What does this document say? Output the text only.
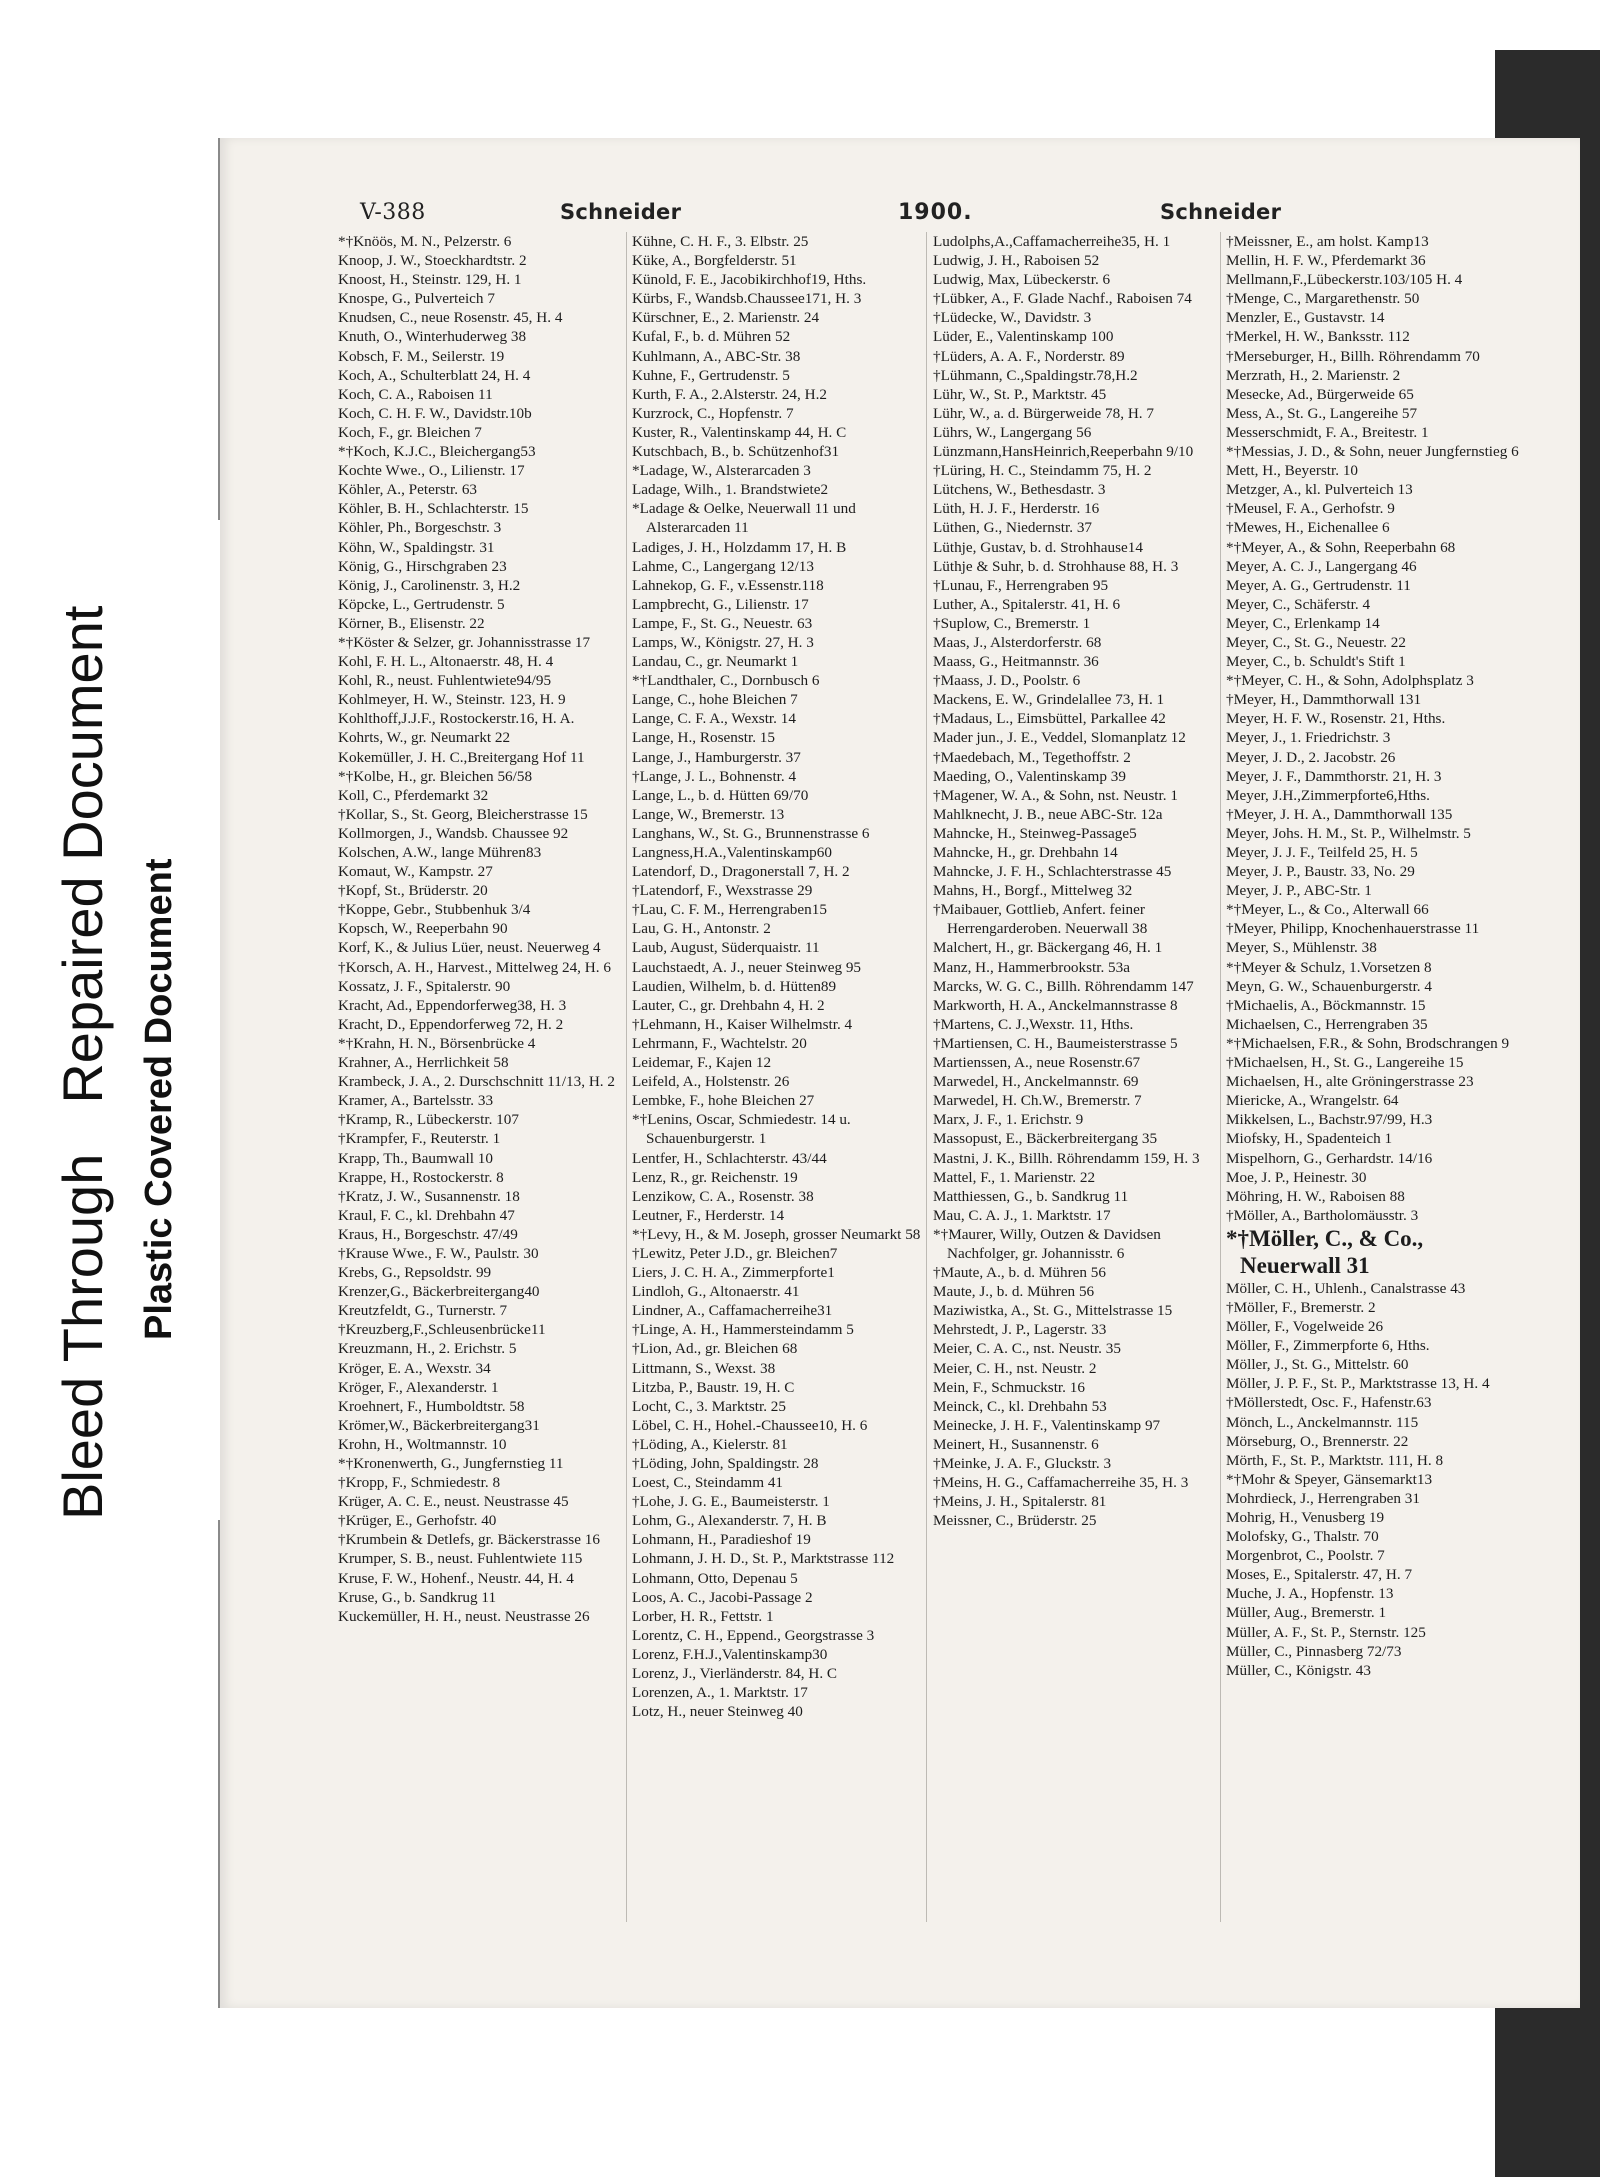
V-388	Schneider	1900.	Schneider

*†Knöös, M. N., Pelzerstr. 6

Knoop, J. W., Stoeckhardtstr. 2

Knoost, H., Steinstr. 129, H. 1

Knospe, G., Pulverteich 7

Knudsen, C., neue Rosenstr. 45, H. 4

Knuth, O., Winterhuderweg 38

Kobsch, F. M., Seilerstr. 19

Koch, A., Schulterblatt 24, H. 4

Koch, C. A., Raboisen 11

Koch, C. H. F. W., Davidstr.10b

Koch, F., gr. Bleichen 7

*†Koch, K.J.C., Bleichergang53

Kochte Wwe., O., Lilienstr. 17

Köhler, A., Peterstr. 63

Köhler, B. H., Schlachterstr. 15

Köhler, Ph., Borgeschstr. 3

Köhn, W., Spaldingstr. 31

König, G., Hirschgraben 23

König, J., Carolinenstr. 3, H.2

Köpcke, L., Gertrudenstr. 5

Körner, B., Elisenstr. 22

*†Köster & Selzer, gr. Johannisstrasse 17

Kohl, F. H. L., Altonaerstr. 48, H. 4

Kohl, R., neust. Fuhlentwiete94/95

Kohlmeyer, H. W., Steinstr. 123, H. 9

Kohlthoff,J.J.F., Rostockerstr.16, H. A.

Kohrts, W., gr. Neumarkt 22

Kokemüller, J. H. C.,Breitergang Hof 11

*†Kolbe, H., gr. Bleichen 56/58

Koll, C., Pferdemarkt 32

†Kollar, S., St. Georg, Bleicherstrasse 15

Kollmorgen, J., Wandsb. Chaussee 92

Kolschen, A.W., lange Mühren83

Komaut, W., Kampstr. 27

†Kopf, St., Brüderstr. 20

†Koppe, Gebr., Stubbenhuk 3/4

Kopsch, W., Reeperbahn 90

Korf, K., & Julius Lüer, neust. Neuerweg 4

†Korsch, A. H., Harvest., Mittelweg 24, H. 6

Kossatz, J. F., Spitalerstr. 90

Kracht, Ad., Eppendorferweg38, H. 3

Kracht, D., Eppendorferweg 72, H. 2

*†Krahn, H. N., Börsenbrücke 4

Krahner, A., Herrlichkeit 58

Krambeck, J. A., 2. Durschschnitt 11/13, H. 2

Kramer, A., Bartelsstr. 33

†Kramp, R., Lübeckerstr. 107

†Krampfer, F., Reuterstr. 1

Krapp, Th., Baumwall 10

Krappe, H., Rostockerstr. 8

†Kratz, J. W., Susannenstr. 18

Kraul, F. C., kl. Drehbahn 47

Kraus, H., Borgeschstr. 47/49

†Krause Wwe., F. W., Paulstr. 30

Krebs, G., Repsoldstr. 99

Krenzer,G., Bäckerbreitergang40

Kreutzfeldt, G., Turnerstr. 7

†Kreuzberg,F.,Schleusenbrücke11

Kreuzmann, H., 2. Erichstr. 5

Kröger, E. A., Wexstr. 34

Kröger, F., Alexanderstr. 1

Kroehnert, F., Humboldtstr. 58

Krömer,W., Bäckerbreitergang31

Krohn, H., Woltmannstr. 10

*†Kronenwerth, G., Jungfernstieg 11

†Kropp, F., Schmiedestr. 8

Krüger, A. C. E., neust. Neustrasse 45

†Krüger, E., Gerhofstr. 40

†Krumbein & Detlefs, gr. Bäckerstrasse 16

Krumper, S. B., neust. Fuhlentwiete 115

Kruse, F. W., Hohenf., Neustr. 44, H. 4

Kruse, G., b. Sandkrug 11

Kuckemüller, H. H., neust. Neustrasse 26

Kühne, C. H. F., 3. Elbstr. 25

Küke, A., Borgfelderstr. 51

Künold, F. E., Jacobikirchhof19, Hths.

Kürbs, F., Wandsb.Chaussee171, H. 3

Kürschner, E., 2. Marienstr. 24

Kufal, F., b. d. Mühren 52

Kuhlmann, A., ABC-Str. 38

Kuhne, F., Gertrudenstr. 5

Kurth, F. A., 2.Alsterstr. 24, H.2

Kurzrock, C., Hopfenstr. 7

Kuster, R., Valentinskamp 44, H. C

Kutschbach, B., b. Schützenhof31

*Ladage, W., Alsterarcaden 3

Ladage, Wilh., 1. Brandstwiete2

*Ladage & Oelke, Neuerwall 11 und Alsterarcaden 11

Ladiges, J. H., Holzdamm 17, H. B

Lahme, C., Langergang 12/13

Lahnekop, G. F., v.Essenstr.118

Lampbrecht, G., Lilienstr. 17

Lampe, F., St. G., Neuestr. 63

Lamps, W., Königstr. 27, H. 3

Landau, C., gr. Neumarkt 1

*†Landthaler, C., Dornbusch 6

Lange, C., hohe Bleichen 7

Lange, C. F. A., Wexstr. 14

Lange, H., Rosenstr. 15

Lange, J., Hamburgerstr. 37

†Lange, J. L., Bohnenstr. 4

Lange, L., b. d. Hütten 69/70

Lange, W., Bremerstr. 13

Langhans, W., St. G., Brunnenstrasse 6

Langness,H.A.,Valentinskamp60

Latendorf, D., Dragonerstall 7, H. 2

†Latendorf, F., Wexstrasse 29

†Lau, C. F. M., Herrengraben15

Lau, G. H., Antonstr. 2

Laub, August, Süderquaistr. 11

Lauchstaedt, A. J., neuer Steinweg 95

Laudien, Wilhelm, b. d. Hütten89

Lauter, C., gr. Drehbahn 4, H. 2

†Lehmann, H., Kaiser Wilhelmstr. 4

Lehrmann, F., Wachtelstr. 20

Leidemar, F., Kajen 12

Leifeld, A., Holstenstr. 26

Lembke, F., hohe Bleichen 27

*†Lenins, Oscar, Schmiedestr. 14 u. Schauenburgerstr. 1

Lentfer, H., Schlachterstr. 43/44

Lenz, R., gr. Reichenstr. 19

Lenzikow, C. A., Rosenstr. 38

Leutner, F., Herderstr. 14

*†Levy, H., & M. Joseph, grosser Neumarkt 58

†Lewitz, Peter J.D., gr. Bleichen7

Liers, J. C. H. A., Zimmerpforte1

Lindloh, G., Altonaerstr. 41

Lindner, A., Caffamacherreihe31

†Linge, A. H., Hammersteindamm 5

†Lion, Ad., gr. Bleichen 68

Littmann, S., Wexst. 38

Litzba, P., Baustr. 19, H. C

Locht, C., 3. Marktstr. 25

Löbel, C. H., Hohel.-Chaussee10, H. 6

†Löding, A., Kielerstr. 81

†Löding, John, Spaldingstr. 28

Loest, C., Steindamm 41

†Lohe, J. G. E., Baumeisterstr. 1

Lohm, G., Alexanderstr. 7, H. B

Lohmann, H., Paradieshof 19

Lohmann, J. H. D., St. P., Marktstrasse 112

Lohmann, Otto, Depenau 5

Loos, A. C., Jacobi-Passage 2

Lorber, H. R., Fettstr. 1

Lorentz, C. H., Eppend., Georgstrasse 3

Lorenz, F.H.J.,Valentinskamp30

Lorenz, J., Vierländerstr. 84, H. C

Lorenzen, A., 1. Marktstr. 17

Lotz, H., neuer Steinweg 40

Ludolphs,A.,Caffamacherreihe35, H. 1

Ludwig, J. H., Raboisen 52

Ludwig, Max, Lübeckerstr. 6

†Lübker, A., F. Glade Nachf., Raboisen 74

†Lüdecke, W., Davidstr. 3

Lüder, E., Valentinskamp 100

†Lüders, A. A. F., Norderstr. 89

†Lühmann, C.,Spaldingstr.78,H.2

Lühr, W., St. P., Marktstr. 45

Lühr, W., a. d. Bürgerweide 78, H. 7

Lührs, W., Langergang 56

Lünzmann,HansHeinrich,Reeperbahn 9/10

†Lüring, H. C., Steindamm 75, H. 2

Lütchens, W., Bethesdastr. 3

Lüth, H. J. F., Herderstr. 16

Lüthen, G., Niedernstr. 37

Lüthje, Gustav, b. d. Strohhause14

Lüthje & Suhr, b. d. Strohhause 88, H. 3

†Lunau, F., Herrengraben 95

Luther, A., Spitalerstr. 41, H. 6

†Suplow, C., Bremerstr. 1

Maas, J., Alsterdorferstr. 68

Maass, G., Heitmannstr. 36

†Maass, J. D., Poolstr. 6

Mackens, E. W., Grindelallee 73, H. 1

†Madaus, L., Eimsbüttel, Parkallee 42

Mader jun., J. E., Veddel, Slomanplatz 12

†Maedebach, M., Tegethoffstr. 2

Maeding, O., Valentinskamp 39

†Magener, W. A., & Sohn, nst. Neustr. 1

Mahlknecht, J. B., neue ABC-Str. 12a

Mahncke, H., Steinweg-Passage5

Mahncke, H., gr. Drehbahn 14

Mahncke, J. F. H., Schlachterstrasse 45

Mahns, H., Borgf., Mittelweg 32

†Maibauer, Gottlieb, Anfert. feiner Herrengarderoben. Neuerwall 38

Malchert, H., gr. Bäckergang 46, H. 1

Manz, H., Hammerbrookstr. 53a

Marcks, W. G. C., Billh. Röhrendamm 147

Markworth, H. A., Anckelmannstrasse 8

†Martens, C. J.,Wexstr. 11, Hths.

†Martiensen, C. H., Baumeisterstrasse 5

Martienssen, A., neue Rosenstr.67

Marwedel, H., Anckelmannstr. 69

Marwedel, H. Ch.W., Bremerstr. 7

Marx, J. F., 1. Erichstr. 9

Massopust, E., Bäckerbreitergang 35

Mastni, J. K., Billh. Röhrendamm 159, H. 3

Mattel, F., 1. Marienstr. 22

Matthiessen, G., b. Sandkrug 11

Mau, C. A. J., 1. Marktstr. 17

*†Maurer, Willy, Outzen & Davidsen Nachfolger, gr. Johannisstr. 6

†Maute, A., b. d. Mühren 56

Maute, J., b. d. Mühren 56

Maziwistka, A., St. G., Mittelstrasse 15

Mehrstedt, J. P., Lagerstr. 33

Meier, C. A. C., nst. Neustr. 35

Meier, C. H., nst. Neustr. 2

Mein, F., Schmuckstr. 16

Meinck, C., kl. Drehbahn 53

Meinecke, J. H. F., Valentinskamp 97

Meinert, H., Susannenstr. 6

†Meinke, J. A. F., Gluckstr. 3

†Meins, H. G., Caffamacherreihe 35, H. 3

†Meins, J. H., Spitalerstr. 81

Meissner, C., Brüderstr. 25

†Meissner, E., am holst. Kamp13

Mellin, H. F. W., Pferdemarkt 36

Mellmann,F.,Lübeckerstr.103/105 H. 4

†Menge, C., Margarethenstr. 50

Menzler, E., Gustavstr. 14

†Merkel, H. W., Banksstr. 112

†Merseburger, H., Billh. Röhrendamm 70

Merzrath, H., 2. Marienstr. 2

Mesecke, Ad., Bürgerweide 65

Mess, A., St. G., Langereihe 57

Messerschmidt, F. A., Breitestr. 1

*†Messias, J. D., & Sohn, neuer Jungfernstieg 6

Mett, H., Beyerstr. 10

Metzger, A., kl. Pulverteich 13

†Meusel, F. A., Gerhofstr. 9

†Mewes, H., Eichenallee 6

*†Meyer, A., & Sohn, Reeperbahn 68

Meyer, A. C. J., Langergang 46

Meyer, A. G., Gertrudenstr. 11

Meyer, C., Schäferstr. 4

Meyer, C., Erlenkamp 14

Meyer, C., St. G., Neuestr. 22

Meyer, C., b. Schuldt's Stift 1

*†Meyer, C. H., & Sohn, Adolphsplatz 3

†Meyer, H., Dammthorwall 131

Meyer, H. F. W., Rosenstr. 21, Hths.

Meyer, J., 1. Friedrichstr. 3

Meyer, J. D., 2. Jacobstr. 26

Meyer, J. F., Dammthorstr. 21, H. 3

Meyer, J.H.,Zimmerpforte6,Hths.

†Meyer, J. H. A., Dammthorwall 135

Meyer, Johs. H. M., St. P., Wilhelmstr. 5

Meyer, J. J. F., Teilfeld 25, H. 5

Meyer, J. P., Baustr. 33, No. 29

Meyer, J. P., ABC-Str. 1

*†Meyer, L., & Co., Alterwall 66

†Meyer, Philipp, Knochenhauerstrasse 11

Meyer, S., Mühlenstr. 38

*†Meyer & Schulz, 1.Vorsetzen 8

Meyn, G. W., Schauenburgerstr. 4

†Michaelis, A., Böckmannstr. 15

Michaelsen, C., Herrengraben 35

*†Michaelsen, F.R., & Sohn, Brodschrangen 9

†Michaelsen, H., St. G., Langereihe 15

Michaelsen, H., alte Gröningerstrasse 23

Miericke, A., Wrangelstr. 64

Mikkelsen, L., Bachstr.97/99, H.3

Miofsky, H., Spadenteich 1

Mispelhorn, G., Gerhardstr. 14/16

Moe, J. P., Heinestr. 30

Möhring, H. W., Raboisen 88

†Möller, A., Bartholomäusstr. 3

*†Möller, C., & Co., Neuerwall 31

Möller, C. H., Uhlenh., Canalstrasse 43

†Möller, F., Bremerstr. 2

Möller, F., Vogelweide 26

Möller, F., Zimmerpforte 6, Hths.

Möller, J., St. G., Mittelstr. 60

Möller, J. P. F., St. P., Marktstrasse 13, H. 4

†Möllerstedt, Osc. F., Hafenstr.63

Mönch, L., Anckelmannstr. 115

Mörseburg, O., Brennerstr. 22

Mörth, F., St. P., Marktstr. 111, H. 8

*†Mohr & Speyer, Gänsemarkt13

Mohrdieck, J., Herrengraben 31

Mohrig, H., Venusberg 19

Molofsky, G., Thalstr. 70

Morgenbrot, C., Poolstr. 7

Moses, E., Spitalerstr. 47, H. 7

Muche, J. A., Hopfenstr. 13

Müller, Aug., Bremerstr. 1

Müller, A. F., St. P., Sternstr. 125

Müller, C., Pinnasberg 72/73

Müller, C., Königstr. 43

Bleed ThroughRepaired Document Plastic Covered Document
